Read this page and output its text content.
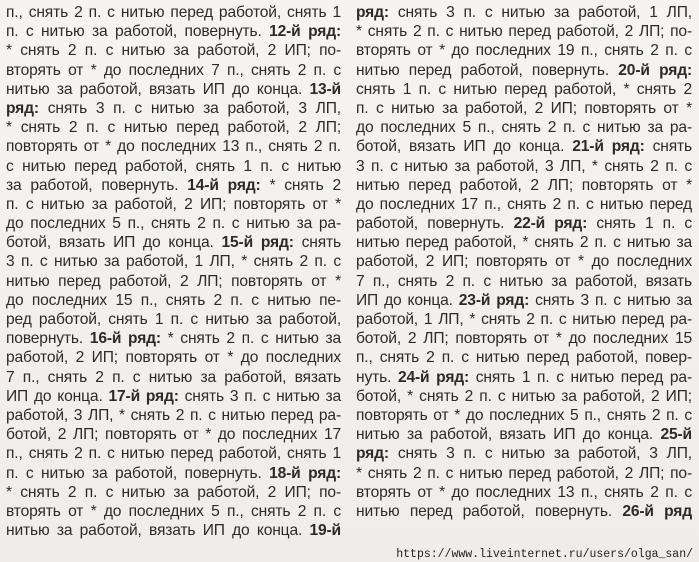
п., снять 2 п. с нитью перед работой, снять 1
п. с нитью за работой, повернуть. 12-й ряд:
* снять 2 п. с нитью за работой, 2 ИП; по-
вторять от * до последних 7 п., снять 2 п. с
нитью за работой, вязать ИП до конца. 13-й
ряд: снять 3 п. с нитью за работой, 3 ЛП,
* снять 2 п. с нитью перед работой, 2 ЛП;
повторять от * до последних 13 п., снять 2 п.
с нитью перед работой, снять 1 п. с нитью
за работой, повернуть. 14-й ряд: * снять 2
п. с нитью за работой, 2 ИП; повторять от *
до последних 5 п., снять 2 п. с нитью за ра-
ботой, вязать ИП до конца. 15-й ряд: снять
3 п. с нитью за работой, 1 ЛП, * снять 2 п. с
нитью перед работой, 2 ЛП; повторять от *
до последних 15 п., снять 2 п. с нитью пе-
ред работой, снять 1 п. с нитью за работой,
повернуть. 16-й ряд: * снять 2 п. с нитью за
работой, 2 ИП; повторять от * до последних
7 п., снять 2 п. с нитью за работой, вязать
ИП до конца. 17-й ряд: снять 3 п. с нитью за
работой, 3 ЛП, * снять 2 п. с нитью перед ра-
ботой, 2 ЛП; повторять от * до последних 17
п., снять 2 п. с нитью перед работой, снять 1
п. с нитью за работой, повернуть. 18-й ряд:
* снять 2 п. с нитью за работой, 2 ИП; по-
вторять от * до последних 5 п., снять 2 п. с
нитью за работой, вязать ИП до конца. 19-й
ряд: снять 3 п. с нитью за работой, 1 ЛП,
* снять 2 п. с нитью перед работой, 2 ЛП; по-
вторять от * до последних 19 п., снять 2 п. с
нитью перед работой, повернуть. 20-й ряд:
снять 1 п. с нитью перед работой, * снять 2
п. с нитью за работой, 2 ИП; повторять от *
до последних 5 п., снять 2 п. с нитью за ра-
ботой, вязать ИП до конца. 21-й ряд: снять
3 п. с нитью за работой, 3 ЛП, * снять 2 п. с
нитью перед работой, 2 ЛП; повторять от *
до последних 17 п., снять 2 п. с нитью перед
работой, повернуть. 22-й ряд: снять 1 п. с
нитью перед работой, * снять 2 п. с нитью за
работой, 2 ИП; повторять от * до последних
7 п., снять 2 п. с нитью за работой, вязать
ИП до конца. 23-й ряд: снять 3 п. с нитью за
работой, 1 ЛП, * снять 2 п. с нитью перед ра-
ботой, 2 ЛП; повторять от * до последних 15
п., снять 2 п. с нитью перед работой, повер-
нуть. 24-й ряд: снять 1 п. с нитью перед ра-
ботой, * снять 2 п. с нитью за работой, 2 ИП;
повторять от * до последних 5 п., снять 2 п. с
нитью за работой, вязать ИП до конца. 25-й
ряд: снять 3 п. с нитью за работой, 3 ЛП,
* снять 2 п. с нитью перед работой, 2 ЛП; по-
вторять от * до последних 13 п., снять 2 п. с
нитью перед работой, повернуть. 26-й ряд
https://www.liveinternet.ru/users/olga_san/
